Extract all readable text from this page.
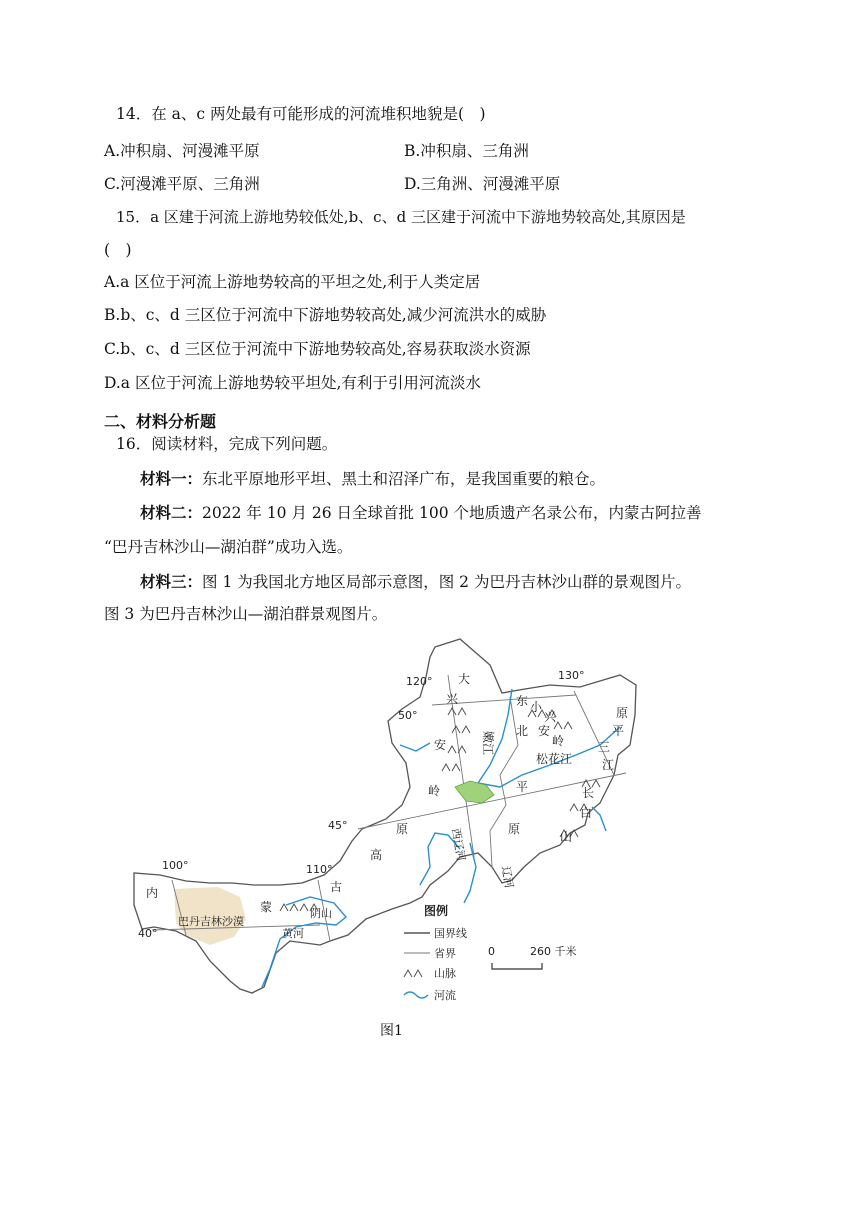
14．在 a、c 两处最有可能形成的河流堆积地貌是(　)
A.冲积扇、河漫滩平原	B.冲积扇、三角洲
C.河漫滩平原、三角洲	D.三角洲、河漫滩平原
15．a 区建于河流上游地势较低处,b、c、d 三区建于河流中下游地势较高处,其原因是
(　)
A.a 区位于河流上游地势较高的平坦之处,利于人类定居
B.b、c、d 三区位于河流中下游地势较高处,减少河流洪水的威胁
C.b、c、d 三区位于河流中下游地势较高处,容易获取淡水资源
D.a 区位于河流上游地势较平坦处,有利于引用河流淡水
二、材料分析题
16．阅读材料，完成下列问题。
材料一：东北平原地形平坦、黑土和沼泽广布，是我国重要的粮仓。
材料二：2022 年 10 月 26 日全球首批 100 个地质遗产名录公布，内蒙古阿拉善
“巴丹吉林沙山—湖泊群”成功入选。
材料三：图 1 为我国北方地区局部示意图，图 2 为巴丹吉林沙山群的景观图片。
图 3 为巴丹吉林沙山—湖泊群景观图片。
120°	130°
100°	110°
50°
45°
40°
大
兴
安
岭
嫩江
东 小
兴
安
岭
北
松花江
平
原
原
平
三
江
长
白
山
西辽河
辽河
原
高
古
蒙
内
阴山
黄河
巴丹吉林沙漠
图例
国界线
省界
山脉
河流
0	260 千米
图1
